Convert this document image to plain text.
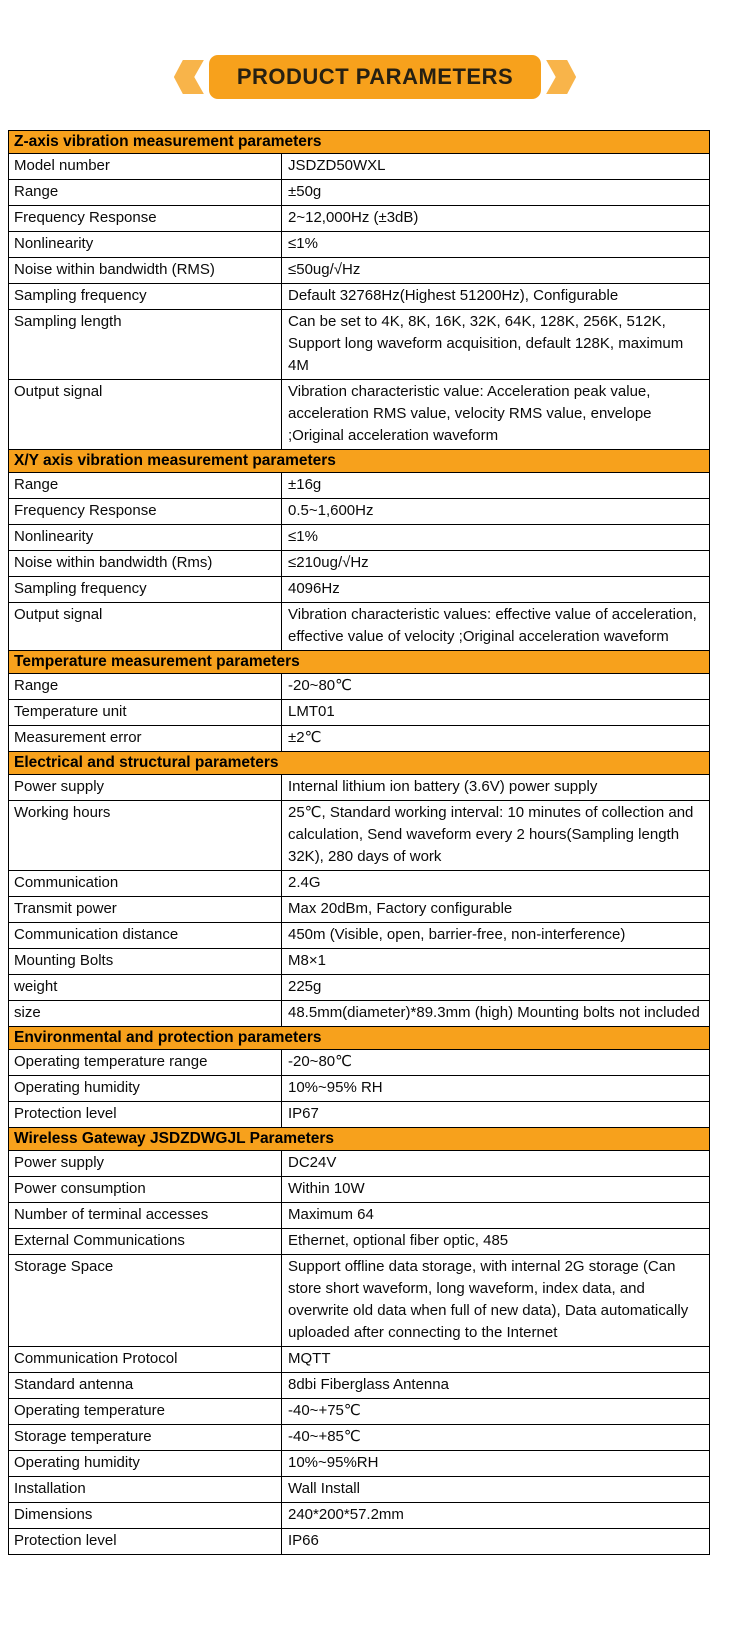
PRODUCT PARAMETERS
Z-axis vibration measurement parameters
Model number	JSDZD50WXL
Range	±50g
Frequency Response	2~12,000Hz (±3dB)
Nonlinearity	≤1%
Noise within bandwidth (RMS)	≤50ug/√Hz
Sampling frequency	Default 32768Hz(Highest 51200Hz), Configurable
Sampling length	Can be set to 4K, 8K, 16K, 32K, 64K, 128K, 256K, 512K, Support long waveform acquisition, default 128K, maximum 4M
Output signal	Vibration characteristic value: Acceleration peak value, acceleration RMS value, velocity RMS value, envelope ;Original acceleration waveform
X/Y axis vibration measurement parameters
Range	±16g
Frequency Response	0.5~1,600Hz
Nonlinearity	≤1%
Noise within bandwidth (Rms)	≤210ug/√Hz
Sampling frequency	4096Hz
Output signal	Vibration characteristic values: effective value of acceleration, effective value of velocity ;Original acceleration waveform
Temperature measurement parameters
Range	-20~80℃
Temperature unit	LMT01
Measurement error	±2℃
Electrical and structural parameters
Power supply	Internal lithium ion battery (3.6V) power supply
Working hours	25℃, Standard working interval: 10 minutes of collection and calculation, Send waveform every 2 hours(Sampling length 32K), 280 days of work
Communication	2.4G
Transmit power	Max 20dBm, Factory configurable
Communication distance	450m (Visible, open, barrier-free, non-interference)
Mounting Bolts	M8×1
weight	225g
size	48.5mm(diameter)*89.3mm (high) Mounting bolts not included
Environmental and protection parameters
Operating temperature range	-20~80℃
Operating humidity	10%~95% RH
Protection level	IP67
Wireless Gateway JSDZDWGJL Parameters
Power supply	DC24V
Power consumption	Within 10W
Number of terminal accesses	Maximum 64
External Communications	Ethernet, optional fiber optic, 485
Storage Space	Support offline data storage, with internal 2G storage (Can store short waveform, long waveform, index data, and overwrite old data when full of new data), Data automatically uploaded after connecting to the Internet
Communication Protocol	MQTT
Standard antenna	8dbi Fiberglass Antenna
Operating temperature	-40~+75℃
Storage temperature	-40~+85℃
Operating humidity	10%~95%RH
Installation	Wall Install
Dimensions	240*200*57.2mm
Protection level	IP66
